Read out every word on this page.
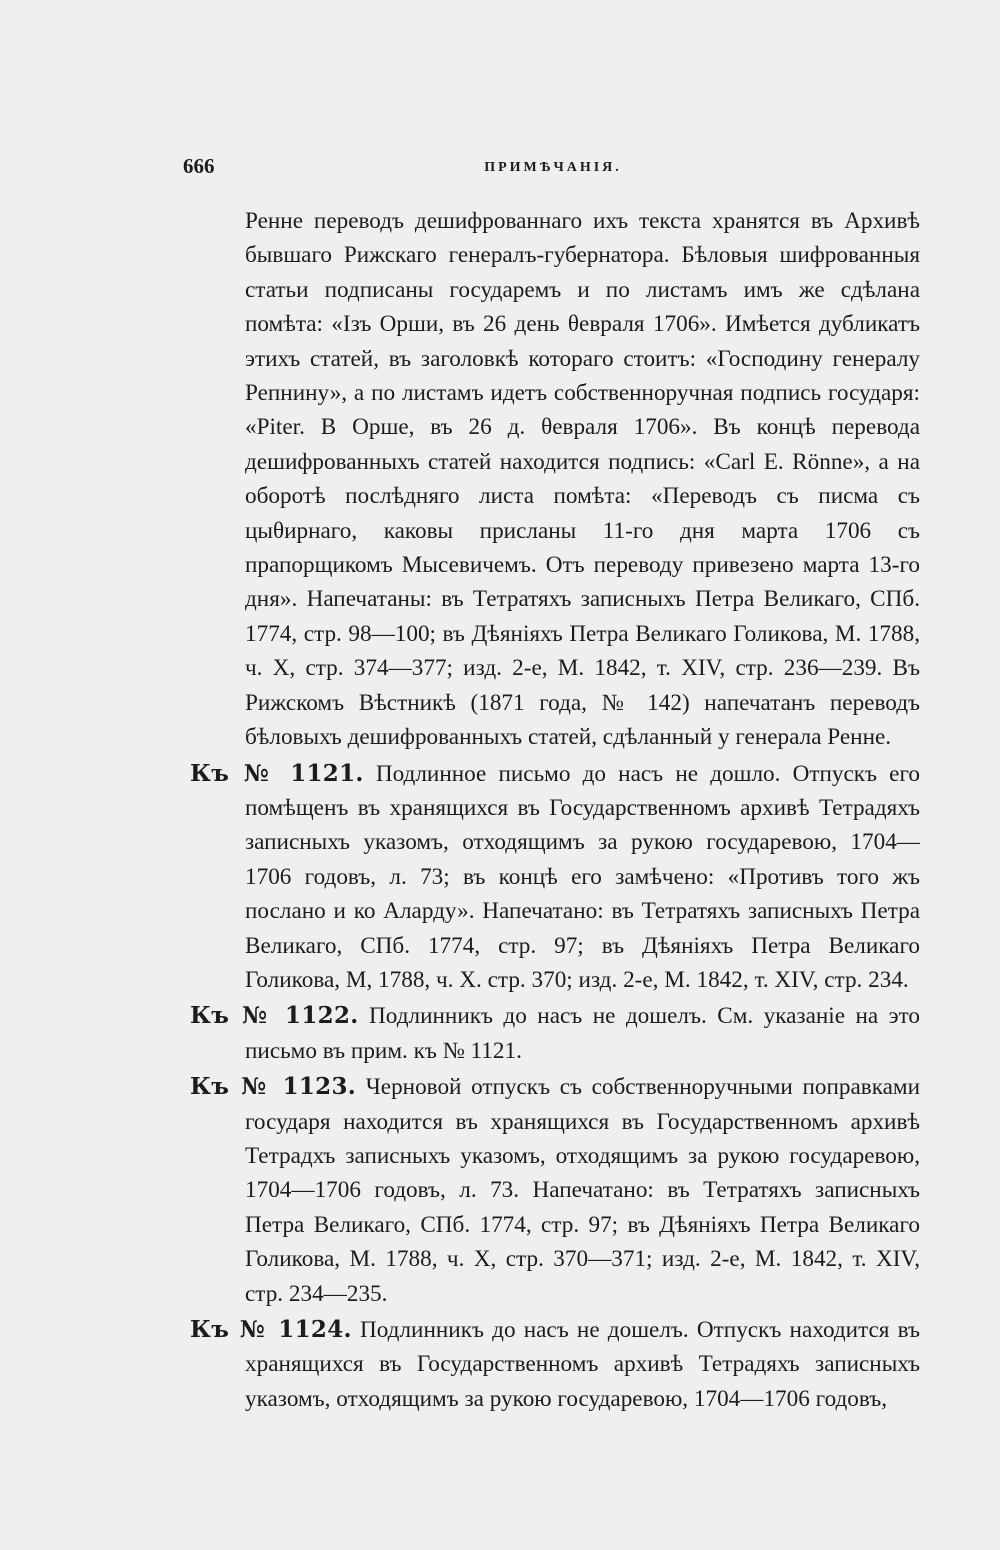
666	ПРИМѢЧАНІЯ.

Ренне переводъ дешифрованнаго ихъ текста хранятся въ Архивѣ бывшаго Рижскаго генералъ-губернатора. Бѣловыя шифрованныя статьи подписаны государемъ и по листамъ имъ же сдѣлана помѣта: «Iзъ Орши, въ 26 день θевраля 1706». Имѣется дубликатъ этихъ статей, въ заголовкѣ котораго стоитъ: «Господину генералу Репнину», а по листамъ идетъ собственноручная подпись государя: «Piter. В Орше, въ 26 д. θевраля 1706». Въ концѣ перевода дешифрованныхъ статей находится подпись: «Carl E. Rönne», а на оборотѣ послѣдняго листа помѣта: «Переводъ съ писма съ цыθирнаго, каковы присланы 11-го дня марта 1706 съ прапорщикомъ Мысевичемъ. Отъ переводу привезено марта 13-го дня». Напечатаны: въ Тетратяхъ записныхъ Петра Великаго, СПб. 1774, стр. 98—100; въ Дѣяніяхъ Петра Великаго Голикова, М. 1788, ч. X, стр. 374—377; изд. 2-е, М. 1842, т. XIV, стр. 236—239. Въ Рижскомъ Вѣстникѣ (1871 года, № 142) напечатанъ переводъ бѣловыхъ дешифрованныхъ статей, сдѣланный у генерала Ренне.

Къ № 1121. Подлинное письмо до насъ не дошло. Отпускъ его помѣщенъ въ хранящихся въ Государственномъ архивѣ Тетрадяхъ записныхъ указомъ, отходящимъ за рукою государевою, 1704—1706 годовъ, л. 73; въ концѣ его замѣчено: «Противъ того жъ послано и ко Аларду». Напечатано: въ Тетратяхъ записныхъ Петра Великаго, СПб. 1774, стр. 97; въ Дѣяніяхъ Петра Великаго Голикова, М, 1788, ч. X. стр. 370; изд. 2-е, М. 1842, т. XIV, стр. 234.

Къ № 1122. Подлинникъ до насъ не дошелъ. См. указаніе на это письмо въ прим. къ № 1121.

Къ № 1123. Черновой отпускъ съ собственноручными поправками государя находится въ хранящихся въ Государственномъ архивѣ Тетрадхъ записныхъ указомъ, отходящимъ за рукою государевою, 1704—1706 годовъ, л. 73. Напечатано: въ Тетратяхъ записныхъ Петра Великаго, СПб. 1774, стр. 97; въ Дѣяніяхъ Петра Великаго Голикова, М. 1788, ч. X, стр. 370—371; изд. 2-е, М. 1842, т. XIV, стр. 234—235.

Къ № 1124. Подлинникъ до насъ не дошелъ. Отпускъ находится въ хранящихся въ Государственномъ архивѣ Тетрадяхъ записныхъ указомъ, отходящимъ за рукою государевою, 1704—1706 годовъ,
